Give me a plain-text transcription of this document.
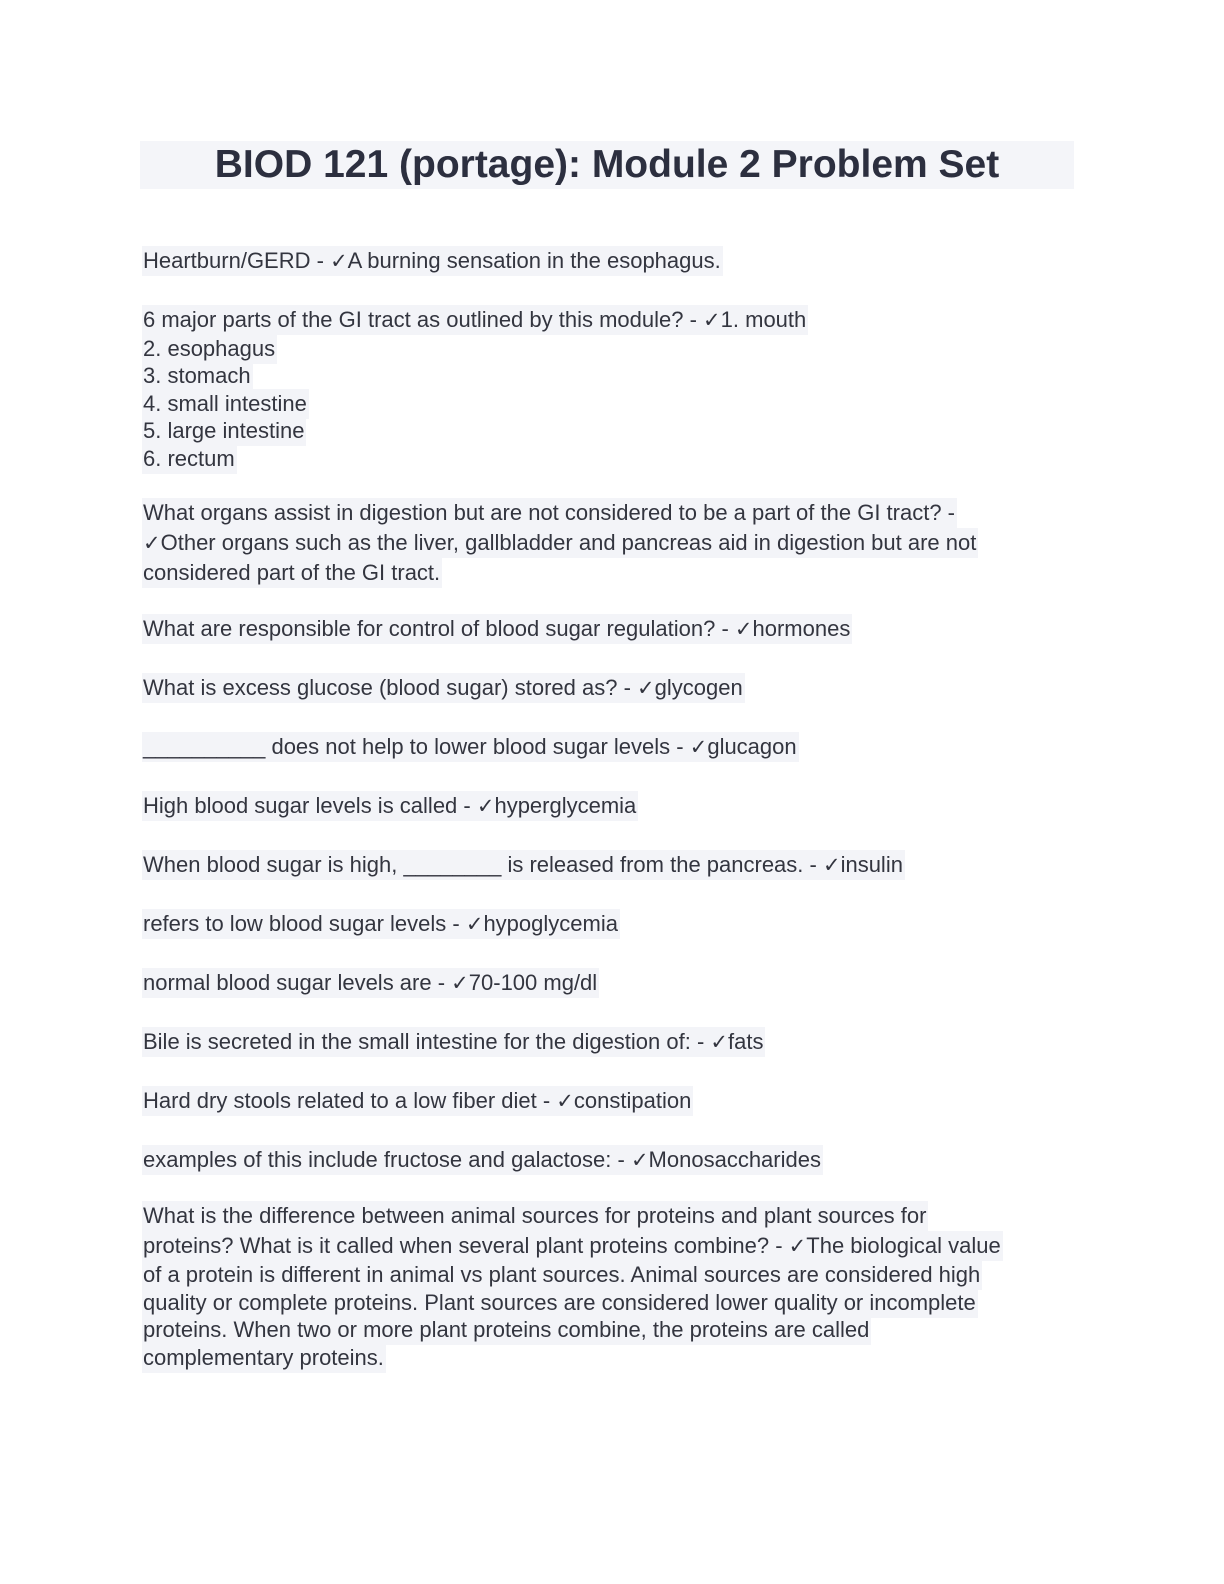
BIOD 121 (portage): Module 2 Problem Set
Heartburn/GERD - ✓A burning sensation in the esophagus.
6 major parts of the GI tract as outlined by this module? - ✓1. mouth
2. esophagus
3. stomach
4. small intestine
5. large intestine
6. rectum
What organs assist in digestion but are not considered to be a part of the GI tract? -
✓Other organs such as the liver, gallbladder and pancreas aid in digestion but are not
considered part of the GI tract.
What are responsible for control of blood sugar regulation? - ✓hormones
What is excess glucose (blood sugar) stored as? - ✓glycogen
__________ does not help to lower blood sugar levels - ✓glucagon
High blood sugar levels is called - ✓hyperglycemia
When blood sugar is high, ________ is released from the pancreas. - ✓insulin
refers to low blood sugar levels - ✓hypoglycemia
normal blood sugar levels are - ✓70-100 mg/dl
Bile is secreted in the small intestine for the digestion of: - ✓fats
Hard dry stools related to a low fiber diet - ✓constipation
examples of this include fructose and galactose: - ✓Monosaccharides
What is the difference between animal sources for proteins and plant sources for
proteins? What is it called when several plant proteins combine? - ✓The biological value
of a protein is different in animal vs plant sources. Animal sources are considered high
quality or complete proteins. Plant sources are considered lower quality or incomplete
proteins. When two or more plant proteins combine, the proteins are called
complementary proteins.
